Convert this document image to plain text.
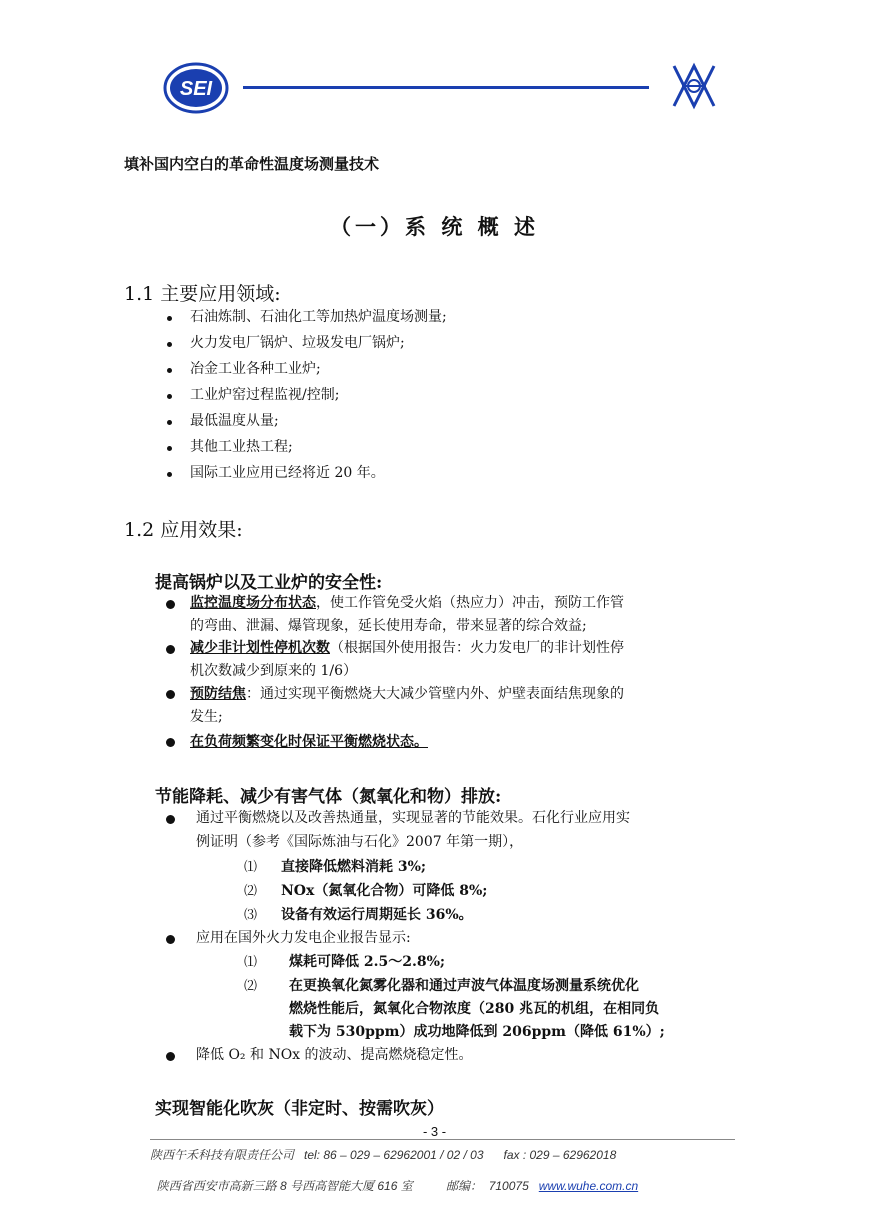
SEI
填补国内空白的革命性温度场测量技术
（一）系 统 概 述
1.1 主要应用领域:
石油炼制、石油化工等加热炉温度场测量;
火力发电厂锅炉、垃圾发电厂锅炉;
冶金工业各种工业炉;
工业炉窑过程监视/控制;
最低温度从量;
其他工业热工程;
国际工业应用已经将近 20 年。
1.2 应用效果:
提高锅炉以及工业炉的安全性:
监控温度场分布状态，使工作管免受火焰（热应力）冲击，预防工作管
的弯曲、泄漏、爆管现象，延长使用寿命，带来显著的综合效益;
减少非计划性停机次数（根据国外使用报告：火力发电厂的非计划性停
机次数减少到原来的 1/6）
预防结焦：通过实现平衡燃烧大大减少管壁内外、炉壁表面结焦现象的
发生;
在负荷频繁变化时保证平衡燃烧状态。
节能降耗、减少有害气体（氮氧化和物）排放:
通过平衡燃烧以及改善热通量，实现显著的节能效果。石化行业应用实
例证明（参考《国际炼油与石化》2007 年第一期），
⑴ 直接降低燃料消耗 3%;
⑵ NOx（氮氧化合物）可降低 8%;
⑶ 设备有效运行周期延长 36%。
应用在国外火力发电企业报告显示:
⑴ 煤耗可降低 2.5～2.8%;
⑵ 在更换氧化氮雾化器和通过声波气体温度场测量系统优化
燃烧性能后，氮氧化合物浓度（280 兆瓦的机组，在相同负
载下为 530ppm）成功地降低到 206ppm（降低 61%）;
降低 O₂ 和 NOx 的波动、提高燃烧稳定性。
实现智能化吹灰（非定时、按需吹灰）
- 3 -
陕西午禾科技有限责任公司   tel: 86 – 029 – 62962001 / 02 / 03      fax : 029 – 62962018

陕西省西安市高新三路 8 号西高智能大厦 616 室          邮编：  710075 www.wuhe.com.cn
